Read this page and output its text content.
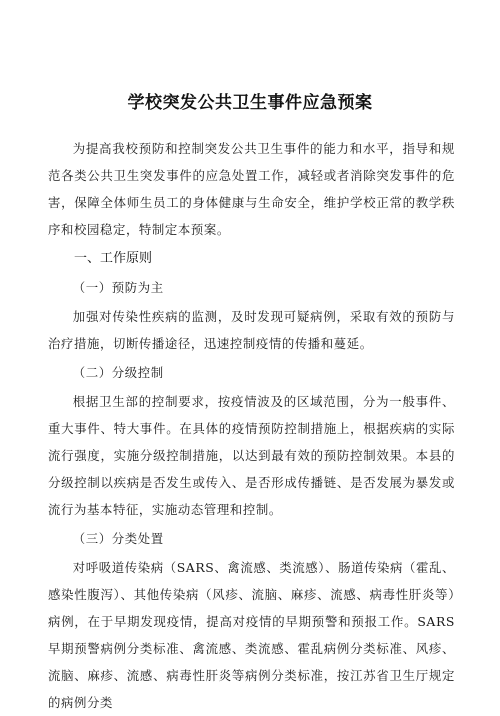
学校突发公共卫生事件应急预案

为提高我校预防和控制突发公共卫生事件的能力和水平，指导和规范各类公共卫生突发事件的应急处置工作，减轻或者消除突发事件的危害，保障全体师生员工的身体健康与生命安全，维护学校正常的教学秩序和校园稳定，特制定本预案。

一、工作原则

（一）预防为主

加强对传染性疾病的监测，及时发现可疑病例，采取有效的预防与治疗措施，切断传播途径，迅速控制疫情的传播和蔓延。

（二）分级控制

根据卫生部的控制要求，按疫情波及的区域范围，分为一般事件、重大事件、特大事件。在具体的疫情预防控制措施上，根据疾病的实际流行强度，实施分级控制措施，以达到最有效的预防控制效果。本县的分级控制以疾病是否发生或传入、是否形成传播链、是否发展为暴发或流行为基本特征，实施动态管理和控制。

（三）分类处置

对呼吸道传染病（SARS、禽流感、类流感）、肠道传染病（霍乱、感染性腹泻）、其他传染病（风疹、流脑、麻疹、流感、病毒性肝炎等）病例，在于早期发现疫情，提高对疫情的早期预警和预报工作。SARS早期预警病例分类标准、禽流感、类流感、霍乱病例分类标准、风疹、流脑、麻疹、流感、病毒性肝炎等病例分类标准，按江苏省卫生厅规定的病例分类
